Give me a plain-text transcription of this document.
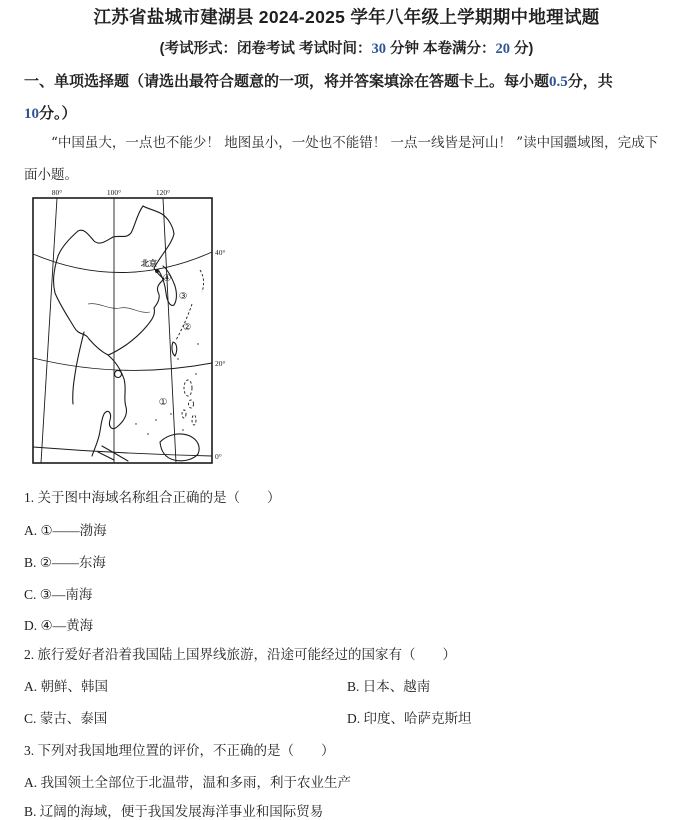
江苏省盐城市建湖县 2024-2025 学年八年级上学期期中地理试题
(考试形式：闭卷考试 考试时间：30 分钟 本卷满分：20 分)
一、单项选择题（请选出最符合题意的一项，将并答案填涂在答题卡上。每小题0.5分，共
10分。）

“中国虽大，一点也不能少！ 地图虽小，一处也不能错！ 一点一线皆是河山！ ”读中国疆域图，完成下面小题。

80°	100°	120°
40°
20°
0°
北京
①
②
③
④
1. 关于图中海域名称组合正确的是（　　）
A. ①——渤海
B. ②——东海
C. ③—南海
D. ④—黄海
2. 旅行爱好者沿着我国陆上国界线旅游，沿途可能经过的国家有（　　）
A. 朝鲜、韩国	B. 日本、越南
C. 蒙古、泰国	D. 印度、哈萨克斯坦
3. 下列对我国地理位置的评价，不正确的是（　　）
A. 我国领土全部位于北温带，温和多雨，利于农业生产
B. 辽阔的海域，便于我国发展海洋事业和国际贸易
